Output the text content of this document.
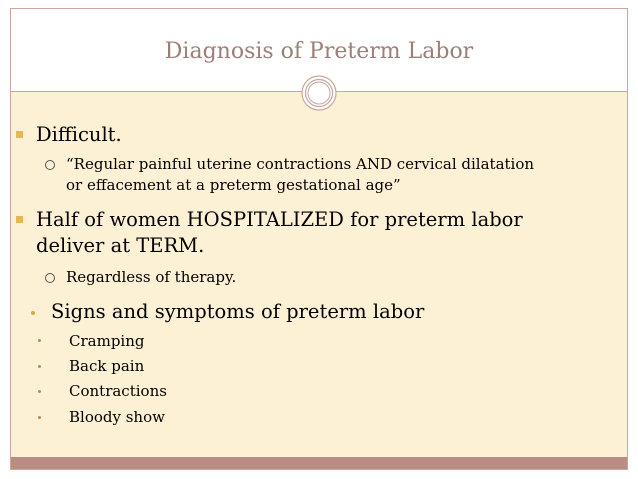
Diagnosis of Preterm Labor
Difficult.
“Regular painful uterine contractions AND cervical dilatation
or effacement at a preterm gestational age”
Half of women HOSPITALIZED for preterm labor
deliver at TERM.
Regardless of therapy.
Signs and symptoms of preterm labor
Cramping
Back pain
Contractions
Bloody show
